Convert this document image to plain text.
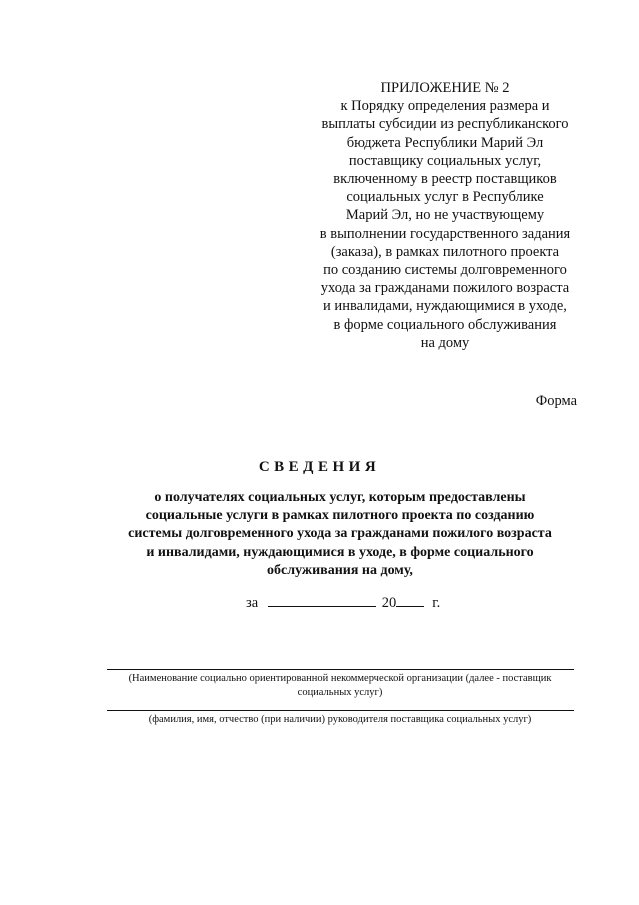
ПРИЛОЖЕНИЕ № 2
к Порядку определения размера и
выплаты субсидии из республиканского
бюджета Республики Марий Эл
поставщику социальных услуг,
включенному в реестр поставщиков
социальных услуг в Республике
Марий Эл, но не участвующему
в выполнении государственного задания
(заказа), в рамках пилотного проекта
по созданию системы долговременного
ухода за гражданами пожилого возраста
и инвалидами, нуждающимися в уходе,
в форме социального обслуживания
на дому
Форма
СВЕДЕНИЯ
о получателях социальных услуг, которым предоставлены
социальные услуги в рамках пилотного проекта по созданию
системы долговременного ухода за гражданами пожилого возраста
и инвалидами, нуждающимися в уходе, в форме социального
обслуживания на дому,
за	20 г.
(Наименование социально ориентированной некоммерческой организации (далее - поставщик
социальных услуг)
(фамилия, имя, отчество (при наличии) руководителя поставщика социальных услуг)
